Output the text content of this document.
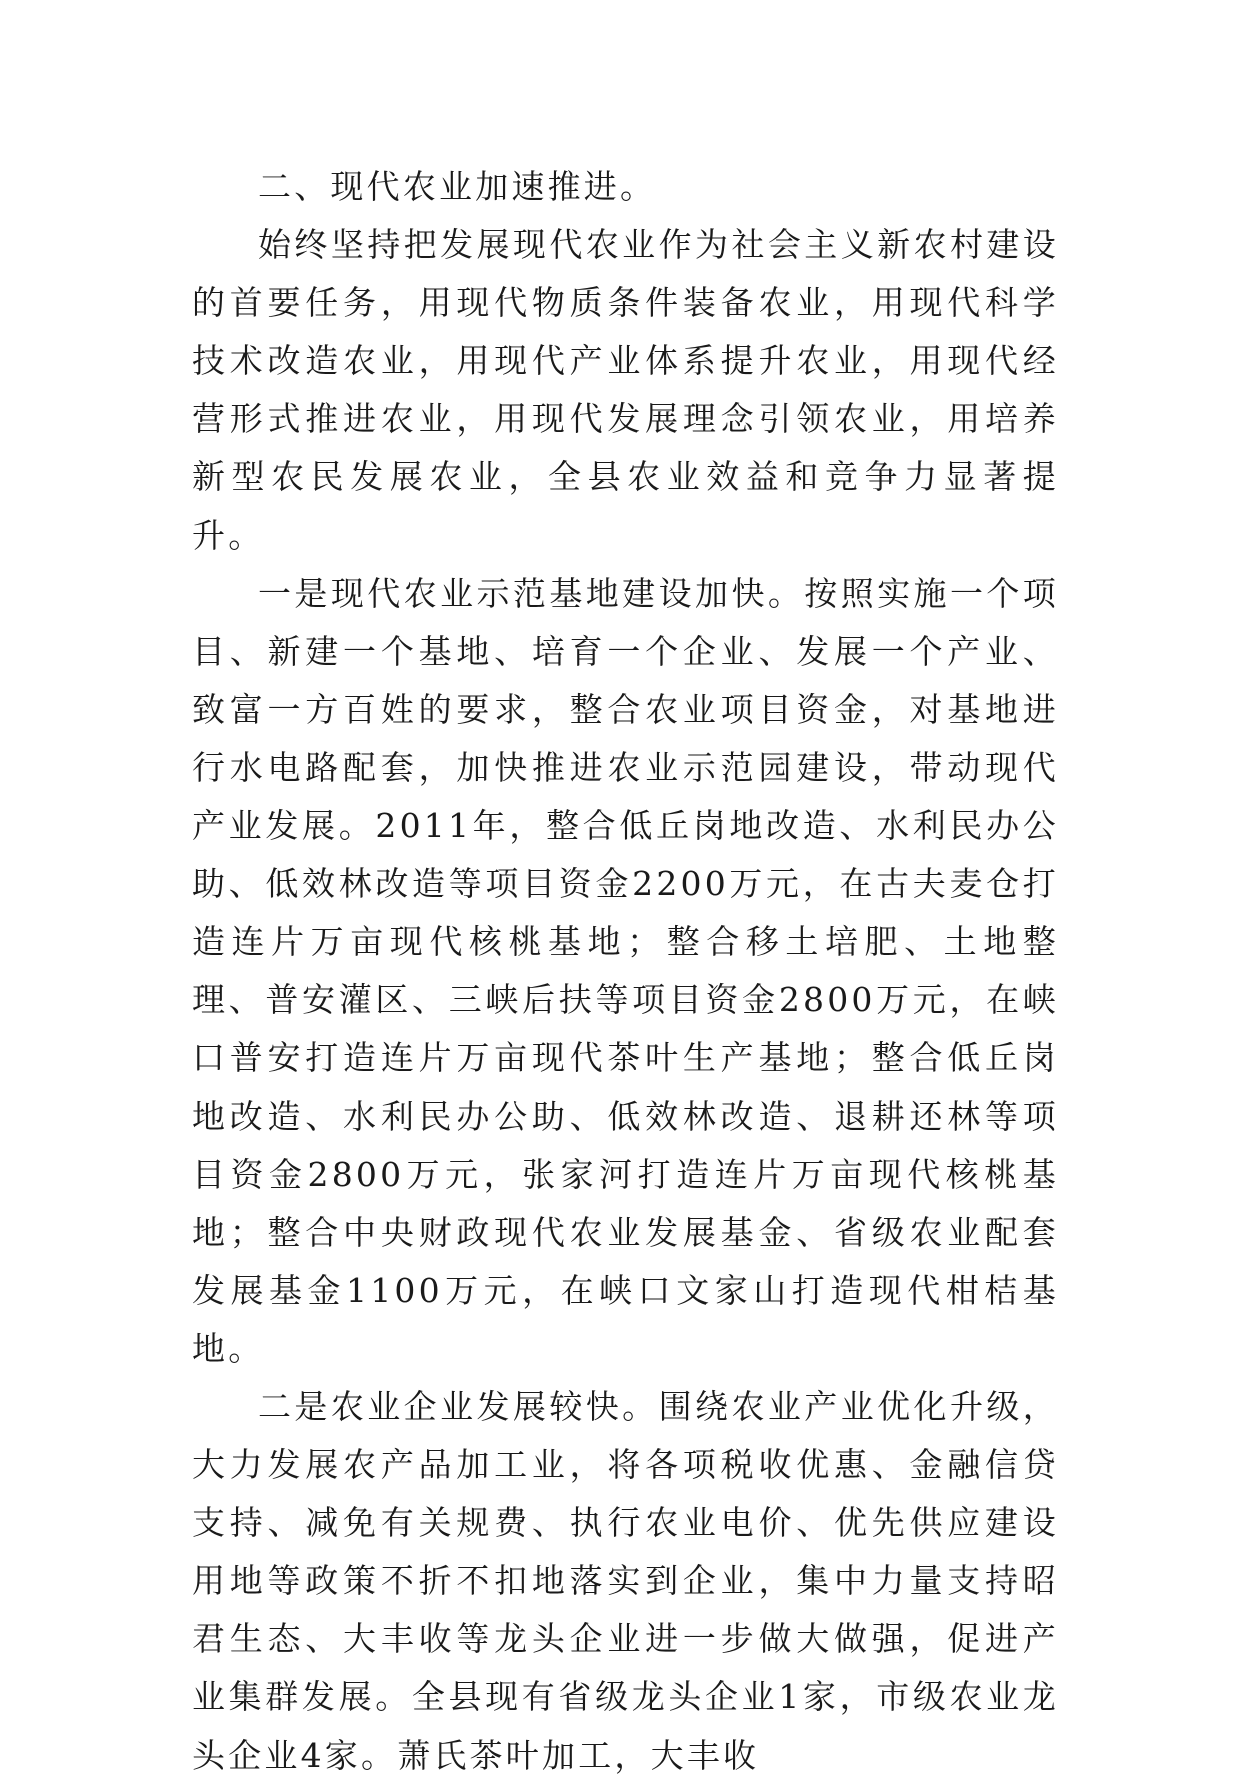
二、现代农业加速推进。

始终坚持把发展现代农业作为社会主义新农村建设的首要任务，用现代物质条件装备农业，用现代科学技术改造农业，用现代产业体系提升农业，用现代经营形式推进农业，用现代发展理念引领农业，用培养新型农民发展农业，全县农业效益和竞争力显著提升。

一是现代农业示范基地建设加快。按照实施一个项目、新建一个基地、培育一个企业、发展一个产业、致富一方百姓的要求，整合农业项目资金，对基地进行水电路配套，加快推进农业示范园建设，带动现代产业发展。2011年，整合低丘岗地改造、水利民办公助、低效林改造等项目资金2200万元，在古夫麦仓打造连片万亩现代核桃基地；整合移土培肥、土地整理、普安灌区、三峡后扶等项目资金2800万元，在峡口普安打造连片万亩现代茶叶生产基地；整合低丘岗地改造、水利民办公助、低效林改造、退耕还林等项目资金2800万元，张家河打造连片万亩现代核桃基地；整合中央财政现代农业发展基金、省级农业配套发展基金1100万元，在峡口文家山打造现代柑桔基地。

二是农业企业发展较快。围绕农业产业优化升级，大力发展农产品加工业，将各项税收优惠、金融信贷支持、减免有关规费、执行农业电价、优先供应建设用地等政策不折不扣地落实到企业，集中力量支持昭君生态、大丰收等龙头企业进一步做大做强，促进产业集群发展。全县现有省级龙头企业1家，市级农业龙头企业4家。萧氏茶叶加工，大丰收
